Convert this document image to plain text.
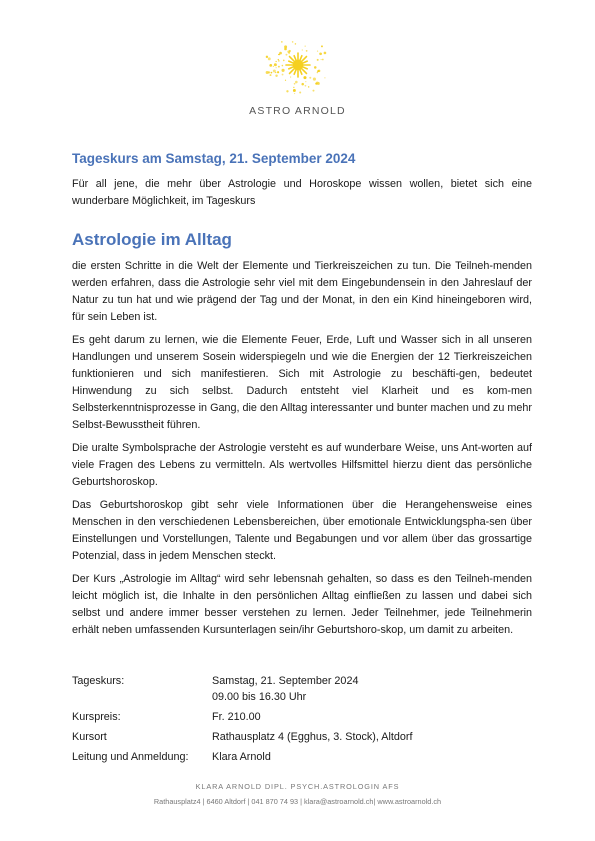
ASTRO ARNOLD
Tageskurs am Samstag, 21. September 2024
Für all jene, die mehr über Astrologie und Horoskope wissen wollen, bietet sich eine wunderbare Möglichkeit, im Tageskurs
Astrologie im Alltag

die ersten Schritte in die Welt der Elemente und Tierkreiszeichen zu tun. Die Teilneh-menden werden erfahren, dass die Astrologie sehr viel mit dem Eingebundensein in den Jahreslauf der Natur zu tun hat und wie prägend der Tag und der Monat, in den ein Kind hineingeboren wird, für sein Leben ist.

Es geht darum zu lernen, wie die Elemente Feuer, Erde, Luft und Wasser sich in all unseren Handlungen und unserem Sosein widerspiegeln und wie die Energien der 12 Tierkreiszeichen funktionieren und sich manifestieren. Sich mit Astrologie zu beschäfti-gen, bedeutet Hinwendung zu sich selbst. Dadurch entsteht viel Klarheit und es kom-men Selbsterkenntnisprozesse in Gang, die den Alltag interessanter und bunter machen und zu mehr Selbst-Bewusstheit führen.

Die uralte Symbolsprache der Astrologie versteht es auf wunderbare Weise, uns Ant-worten auf viele Fragen des Lebens zu vermitteln. Als wertvolles Hilfsmittel hierzu dient das persönliche Geburtshoroskop.

Das Geburtshoroskop gibt sehr viele Informationen über die Herangehensweise eines Menschen in den verschiedenen Lebensbereichen, über emotionale Entwicklungspha-sen über Einstellungen und Vorstellungen, Talente und Begabungen und vor allem über das grossartige Potenzial, dass in jedem Menschen steckt.

Der Kurs „Astrologie im Alltag“ wird sehr lebensnah gehalten, so dass es den Teilneh-menden leicht möglich ist, die Inhalte in den persönlichen Alltag einfließen zu lassen und dabei sich selbst und andere immer besser verstehen zu lernen. Jeder Teilnehmer, jede Teilnehmerin erhält neben umfassenden Kursunterlagen sein/ihr Geburtshoro-skop, um damit zu arbeiten.

Tageskurs:	Samstag, 21. September 2024
09.00 bis 16.30 Uhr
Kurspreis:	Fr. 210.00
Kursort	Rathausplatz 4 (Egghus, 3. Stock), Altdorf
Leitung und Anmeldung:	Klara Arnold
KLARA ARNOLD DIPL. PSYCH.ASTROLOGIN AFS
Rathausplatz4 | 6460 Altdorf | 041 870 74 93 | klara@astroarnold.ch| www.astroarnold.ch
